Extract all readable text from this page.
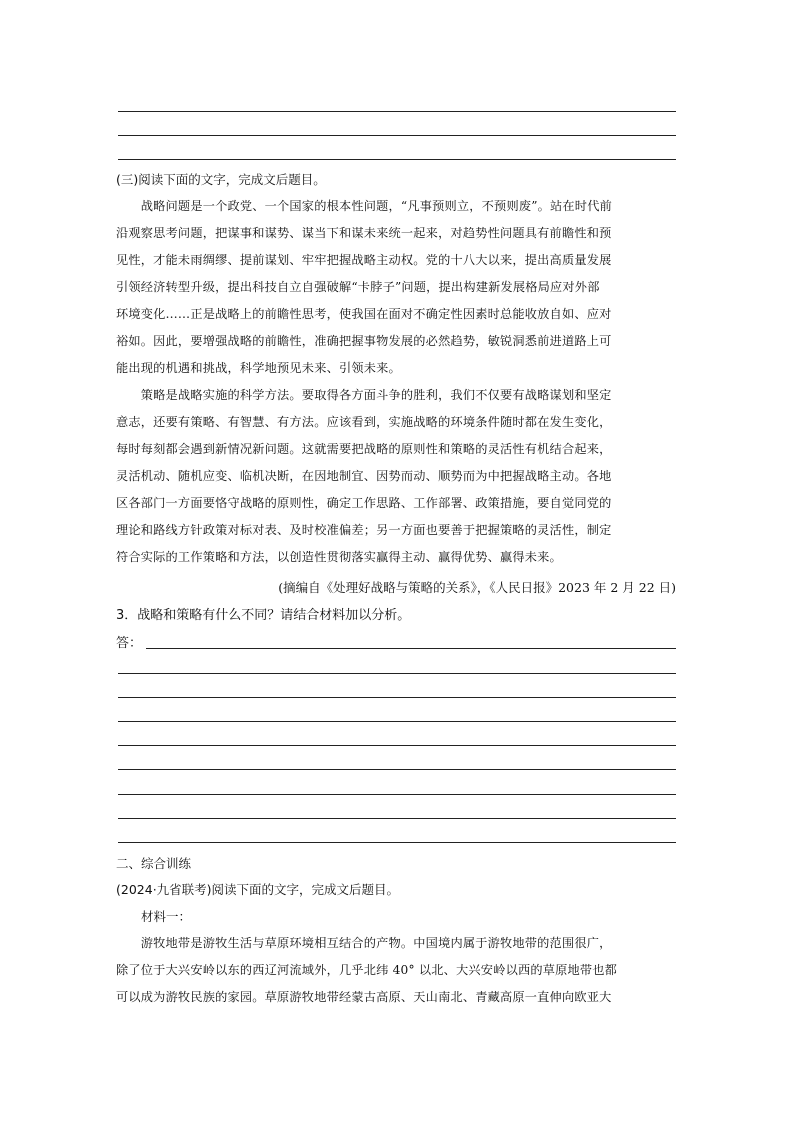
(三)阅读下面的文字，完成文后题目。
　　战略问题是一个政党、一个国家的根本性问题，“凡事预则立，不预则废”。站在时代前
沿观察思考问题，把谋事和谋势、谋当下和谋未来统一起来，对趋势性问题具有前瞻性和预
见性，才能未雨绸缪、提前谋划、牢牢把握战略主动权。党的十八大以来，提出高质量发展
引领经济转型升级，提出科技自立自强破解“卡脖子”问题，提出构建新发展格局应对外部
环境变化……正是战略上的前瞻性思考，使我国在面对不确定性因素时总能收放自如、应对
裕如。因此，要增强战略的前瞻性，准确把握事物发展的必然趋势，敏锐洞悉前进道路上可
能出现的机遇和挑战，科学地预见未来、引领未来。
　　策略是战略实施的科学方法。要取得各方面斗争的胜利，我们不仅要有战略谋划和坚定
意志，还要有策略、有智慧、有方法。应该看到，实施战略的环境条件随时都在发生变化，
每时每刻都会遇到新情况新问题。这就需要把战略的原则性和策略的灵活性有机结合起来，
灵活机动、随机应变、临机决断，在因地制宜、因势而动、顺势而为中把握战略主动。各地
区各部门一方面要恪守战略的原则性，确定工作思路、工作部署、政策措施，要自觉同党的
理论和路线方针政策对标对表、及时校准偏差；另一方面也要善于把握策略的灵活性，制定
符合实际的工作策略和方法，以创造性贯彻落实赢得主动、赢得优势、赢得未来。
(摘编自《处理好战略与策略的关系》，《人民日报》2023 年 2 月 22 日)
3．战略和策略有什么不同？请结合材料加以分析。
答：
二、综合训练
(2024·九省联考)阅读下面的文字，完成文后题目。
　　材料一：
　　游牧地带是游牧生活与草原环境相互结合的产物。中国境内属于游牧地带的范围很广，
除了位于大兴安岭以东的西辽河流域外，几乎北纬 40° 以北、大兴安岭以西的草原地带也都
可以成为游牧民族的家园。草原游牧地带经蒙古高原、天山南北、青藏高原一直伸向欧亚大
